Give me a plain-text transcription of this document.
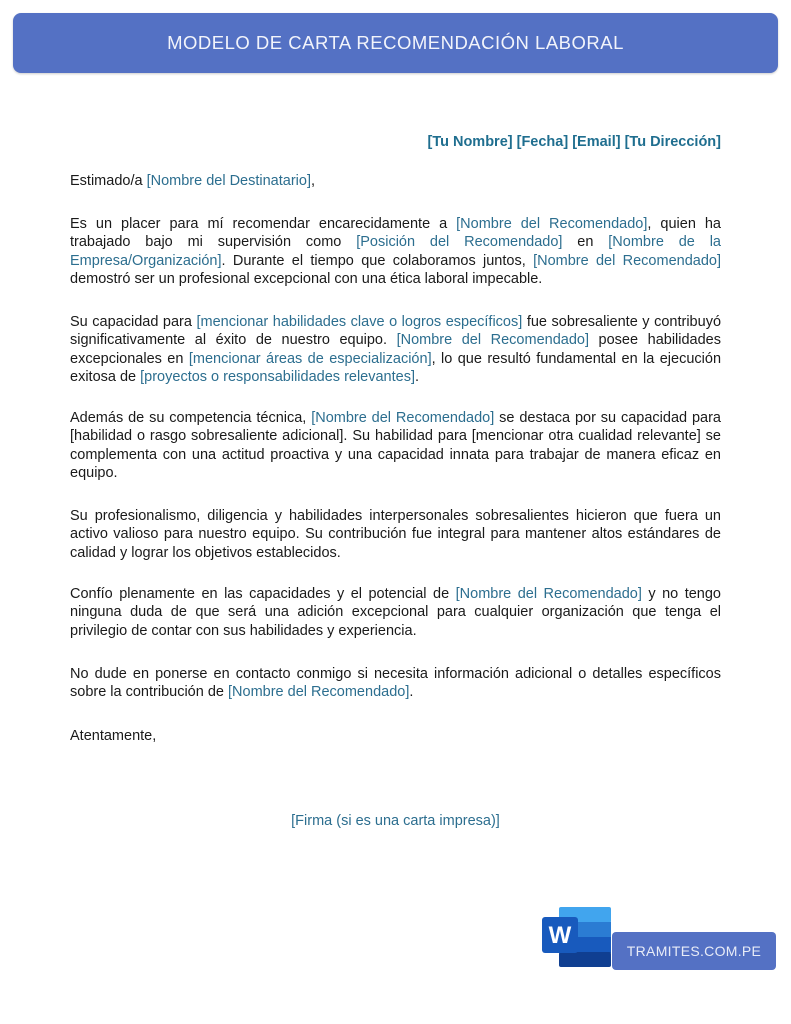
MODELO DE CARTA RECOMENDACIÓN LABORAL
[Tu Nombre] [Fecha] [Email] [Tu Dirección]
Estimado/a [Nombre del Destinatario],
Es un placer para mí recomendar encarecidamente a [Nombre del Recomendado], quien ha trabajado bajo mi supervisión como [Posición del Recomendado] en [Nombre de la Empresa/Organización]. Durante el tiempo que colaboramos juntos, [Nombre del Recomendado] demostró ser un profesional excepcional con una ética laboral impecable.
Su capacidad para [mencionar habilidades clave o logros específicos] fue sobresaliente y contribuyó significativamente al éxito de nuestro equipo. [Nombre del Recomendado] posee habilidades excepcionales en [mencionar áreas de especialización], lo que resultó fundamental en la ejecución exitosa de [proyectos o responsabilidades relevantes].
Además de su competencia técnica, [Nombre del Recomendado] se destaca por su capacidad para [habilidad o rasgo sobresaliente adicional]. Su habilidad para [mencionar otra cualidad relevante] se complementa con una actitud proactiva y una capacidad innata para trabajar de manera eficaz en equipo.
Su profesionalismo, diligencia y habilidades interpersonales sobresalientes hicieron que fuera un activo valioso para nuestro equipo. Su contribución fue integral para mantener altos estándares de calidad y lograr los objetivos establecidos.
Confío plenamente en las capacidades y el potencial de [Nombre del Recomendado] y no tengo ninguna duda de que será una adición excepcional para cualquier organización que tenga el privilegio de contar con sus habilidades y experiencia.
No dude en ponerse en contacto conmigo si necesita información adicional o detalles específicos sobre la contribución de [Nombre del Recomendado].
Atentamente,
[Firma (si es una carta impresa)]
W
TRAMITES.COM.PE
